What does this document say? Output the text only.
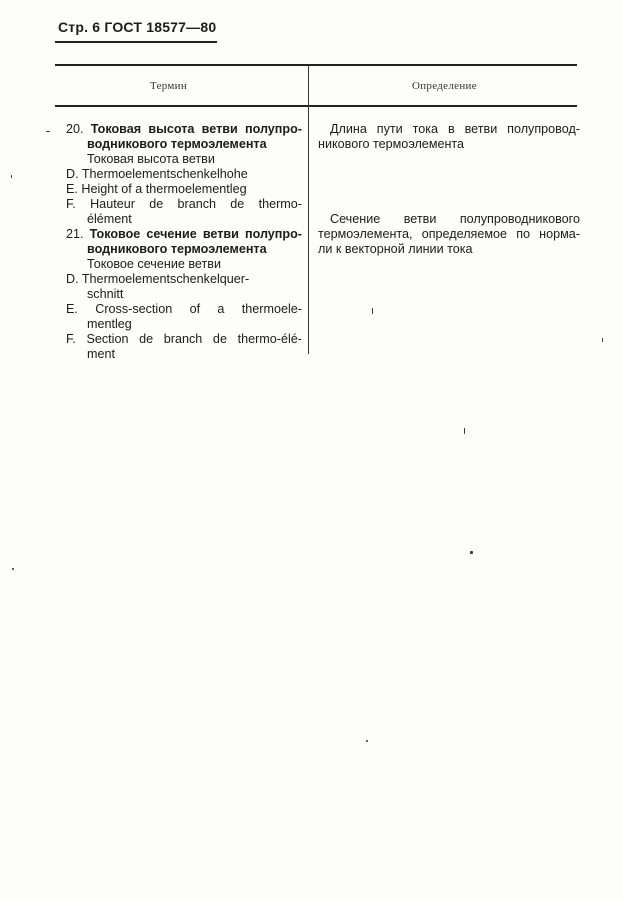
Стр. 6 ГОСТ 18577—80
Термин	Определение
20. Токовая высота ветви полупро-
водникового термоэлемента
Токовая высота ветви
D. Thermoelementschenkelhohe
E. Height of a thermoelementleg
F. Hauteur de branch de thermo-
élément
21. Токовое сечение ветви полупро-
водникового термоэлемента
Токовое сечение ветви
D. Thermoelementschenkelquer-
schnitt
E. Cross-section of a thermoele-
mentleg
F. Section de branch de thermo-élé-
ment
Длина пути тока в ветви полупровод-
никового термоэлемента
Сечение ветви полупроводникового
термоэлемента, определяемое по норма-
ли к векторной линии тока
